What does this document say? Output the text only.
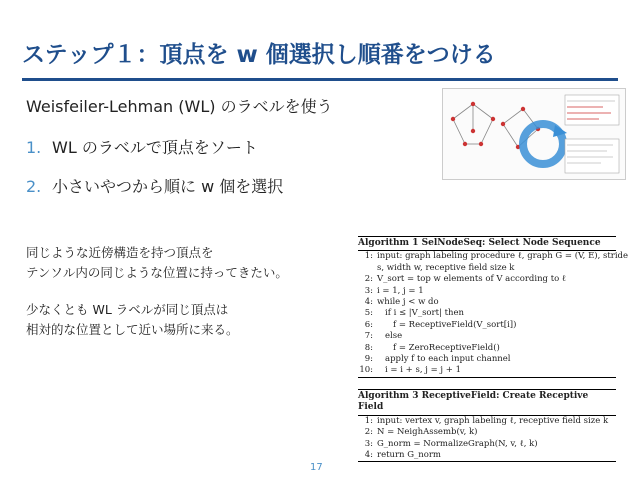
ステップ１：頂点を w 個選択し順番をつける
Weisfeiler-Lehman (WL) のラベルを使う
1. WL のラベルで頂点をソート
2. 小さいやつから順に w 個を選択
同じような近傍構造を持つ頂点を
テンソル内の同じような位置に持ってきたい。
少なくとも WL ラベルが同じ頂点は
相対的な位置として近い場所に来る。
Algorithm 1 SelNodeSeq: Select Node Sequence
1: input: graph labeling procedure ℓ, graph G = (V, E), stride
s, width w, receptive field size k
2: V_sort = top w elements of V according to ℓ
3: i = 1, j = 1
4: while j < w do
5: if i ≤ |V_sort| then
6: f = ReceptiveField(V_sort[i])
7: else
8: f = ZeroReceptiveField()
9: apply f to each input channel
10: i = i + s, j = j + 1
Algorithm 3 ReceptiveField: Create Receptive Field
1: input: vertex v, graph labeling ℓ, receptive field size k
2: N = NeighAssemb(v, k)
3: G_norm = NormalizeGraph(N, v, ℓ, k)
4: return G_norm
17
